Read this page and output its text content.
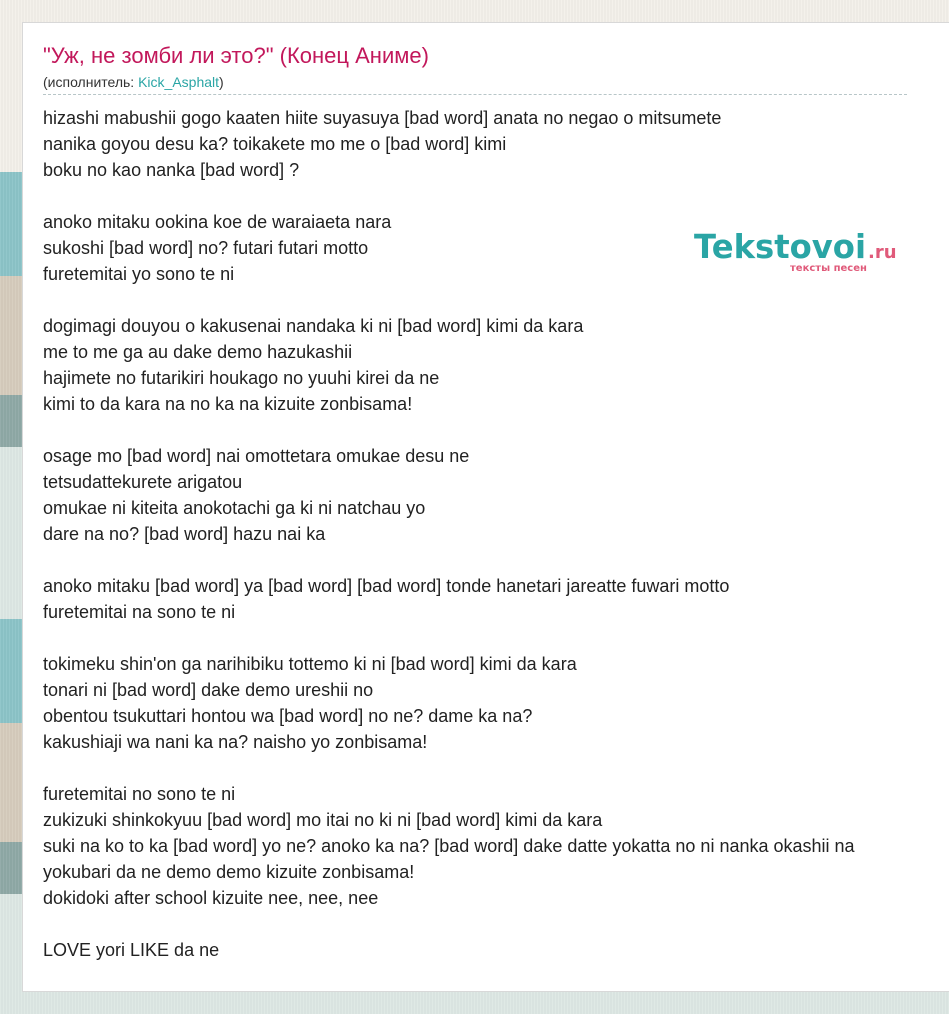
"Уж, не зомби ли это?" (Конец Аниме)
(исполнитель: Kick_Asphalt)
hizashi mabushii gogo kaaten hiite suyasuya [bad word] anata no negao o mitsumete
nanika goyou desu ka? toikakete mo me o [bad word] kimi
boku no kao nanka [bad word] ?

anoko mitaku ookina koe de waraiaeta nara
sukoshi [bad word] no? futari futari motto
furetemitai yo sono te ni

dogimagi douyou o kakusenai nandaka ki ni [bad word] kimi da kara
me to me ga au dake demo hazukashii
hajimete no futarikiri houkago no yuuhi kirei da ne
kimi to da kara na no ka na kizuite zonbisama!

osage mo [bad word] nai omottetara omukae desu ne
tetsudattekurete arigatou
omukae ni kiteita anokotachi ga ki ni natchau yo
dare na no? [bad word] hazu nai ka

anoko mitaku [bad word] ya [bad word] [bad word] tonde hanetari jareatte fuwari motto
furetemitai na sono te ni

tokimeku shin'on ga narihibiku tottemo ki ni [bad word] kimi da kara
tonari ni [bad word] dake demo ureshii no
obentou tsukuttari hontou wa [bad word] no ne? dame ka na?
kakushiaji wa nani ka na? naisho yo zonbisama!

furetemitai no sono te ni
zukizuki shinkokyuu [bad word] mo itai no ki ni [bad word] kimi da kara
suki na ko to ka [bad word] yo ne? anoko ka na? [bad word] dake datte yokatta no ni nanka okashii na
yokubari da ne demo demo kizuite zonbisama!
dokidoki after school kizuite nee, nee, nee

LOVE yori LIKE da ne
Tekstovoi .ru
тексты песен
